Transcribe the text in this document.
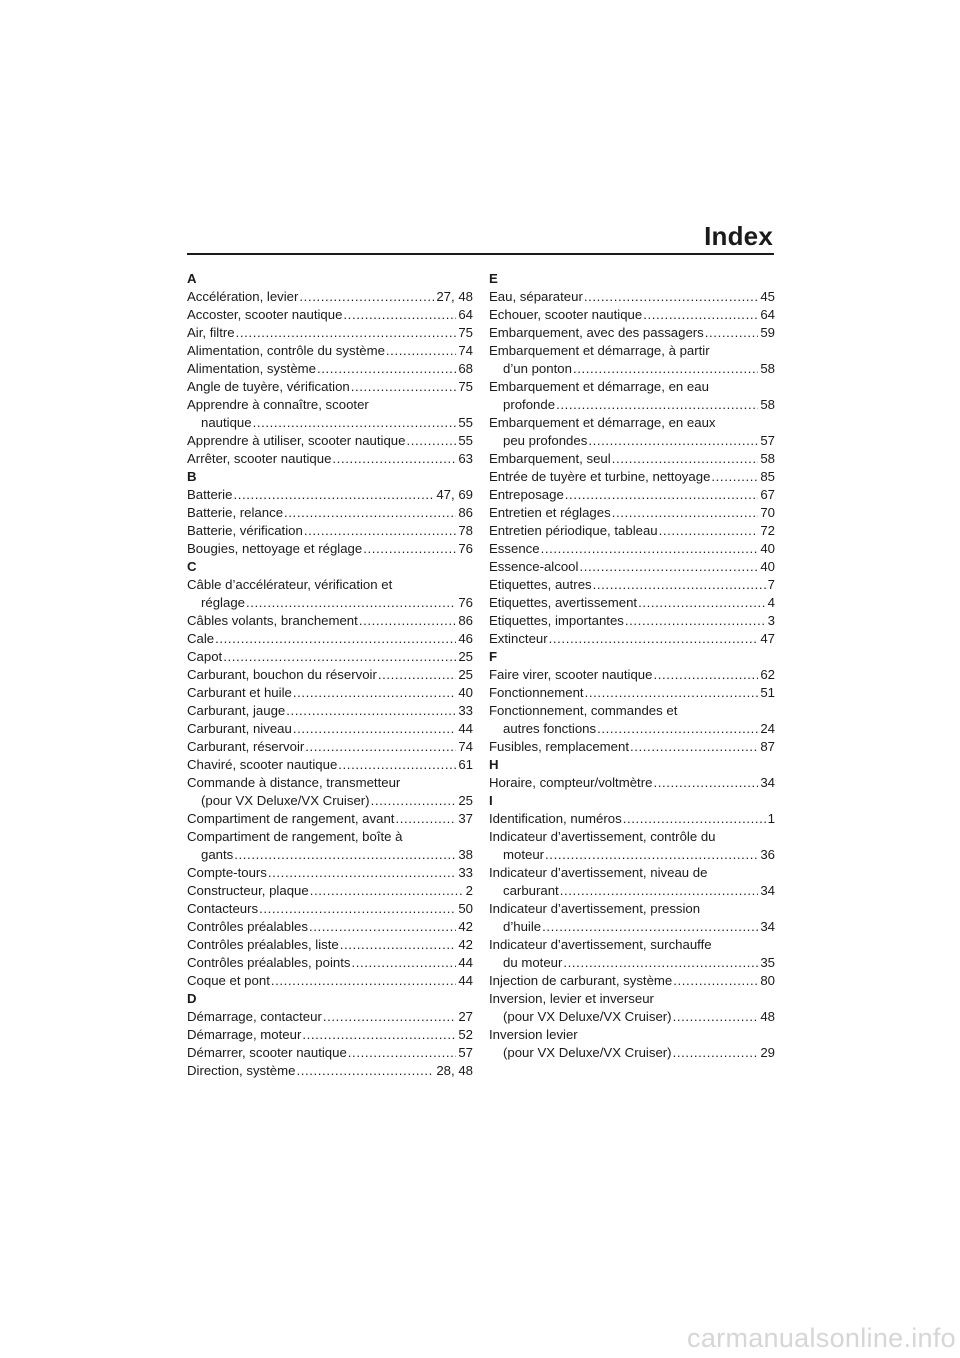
Index
A
Accélération, levier .....	27, 48
Accoster, scooter nautique .....	64
Air, filtre .....	75
Alimentation, contrôle du système .....	74
Alimentation, système .....	68
Angle de tuyère, vérification .....	75
Apprendre à connaître, scooter
nautique .....	55
Apprendre à utiliser, scooter nautique .....	55
Arrêter, scooter nautique .....	63
B
Batterie .....	47, 69
Batterie, relance .....	86
Batterie, vérification .....	78
Bougies, nettoyage et réglage .....	76
C
Câble d’accélérateur, vérification et
réglage .....	76
Câbles volants, branchement .....	86
Cale .....	46
Capot .....	25
Carburant, bouchon du réservoir .....	25
Carburant et huile .....	40
Carburant, jauge .....	33
Carburant, niveau .....	44
Carburant, réservoir .....	74
Chaviré, scooter nautique .....	61
Commande à distance, transmetteur
(pour VX Deluxe/VX Cruiser) .....	25
Compartiment de rangement, avant .....	37
Compartiment de rangement, boîte à
gants .....	38
Compte-tours .....	33
Constructeur, plaque .....	2
Contacteurs .....	50
Contrôles préalables .....	42
Contrôles préalables, liste .....	42
Contrôles préalables, points .....	44
Coque et pont .....	44
D
Démarrage, contacteur .....	27
Démarrage, moteur .....	52
Démarrer, scooter nautique .....	57
Direction, système .....	28, 48
E
Eau, séparateur .....	45
Echouer, scooter nautique .....	64
Embarquement, avec des passagers .....	59
Embarquement et démarrage, à partir
d’un ponton .....	58
Embarquement et démarrage, en eau
profonde .....	58
Embarquement et démarrage, en eaux
peu profondes .....	57
Embarquement, seul .....	58
Entrée de tuyère et turbine, nettoyage .....	85
Entreposage .....	67
Entretien et réglages .....	70
Entretien périodique, tableau .....	72
Essence .....	40
Essence-alcool .....	40
Etiquettes, autres .....	7
Etiquettes, avertissement .....	4
Etiquettes, importantes .....	3
Extincteur .....	47
F
Faire virer, scooter nautique .....	62
Fonctionnement .....	51
Fonctionnement, commandes et
autres fonctions .....	24
Fusibles, remplacement .....	87
H
Horaire, compteur/voltmètre .....	34
I
Identification, numéros .....	1
Indicateur d’avertissement, contrôle du
moteur .....	36
Indicateur d’avertissement, niveau de
carburant .....	34
Indicateur d’avertissement, pression
d’huile .....	34
Indicateur d’avertissement, surchauffe
du moteur .....	35
Injection de carburant, système .....	80
Inversion, levier et inverseur
(pour VX Deluxe/VX Cruiser) .....	48
Inversion levier
(pour VX Deluxe/VX Cruiser) .....	29
carmanualsonline.info
